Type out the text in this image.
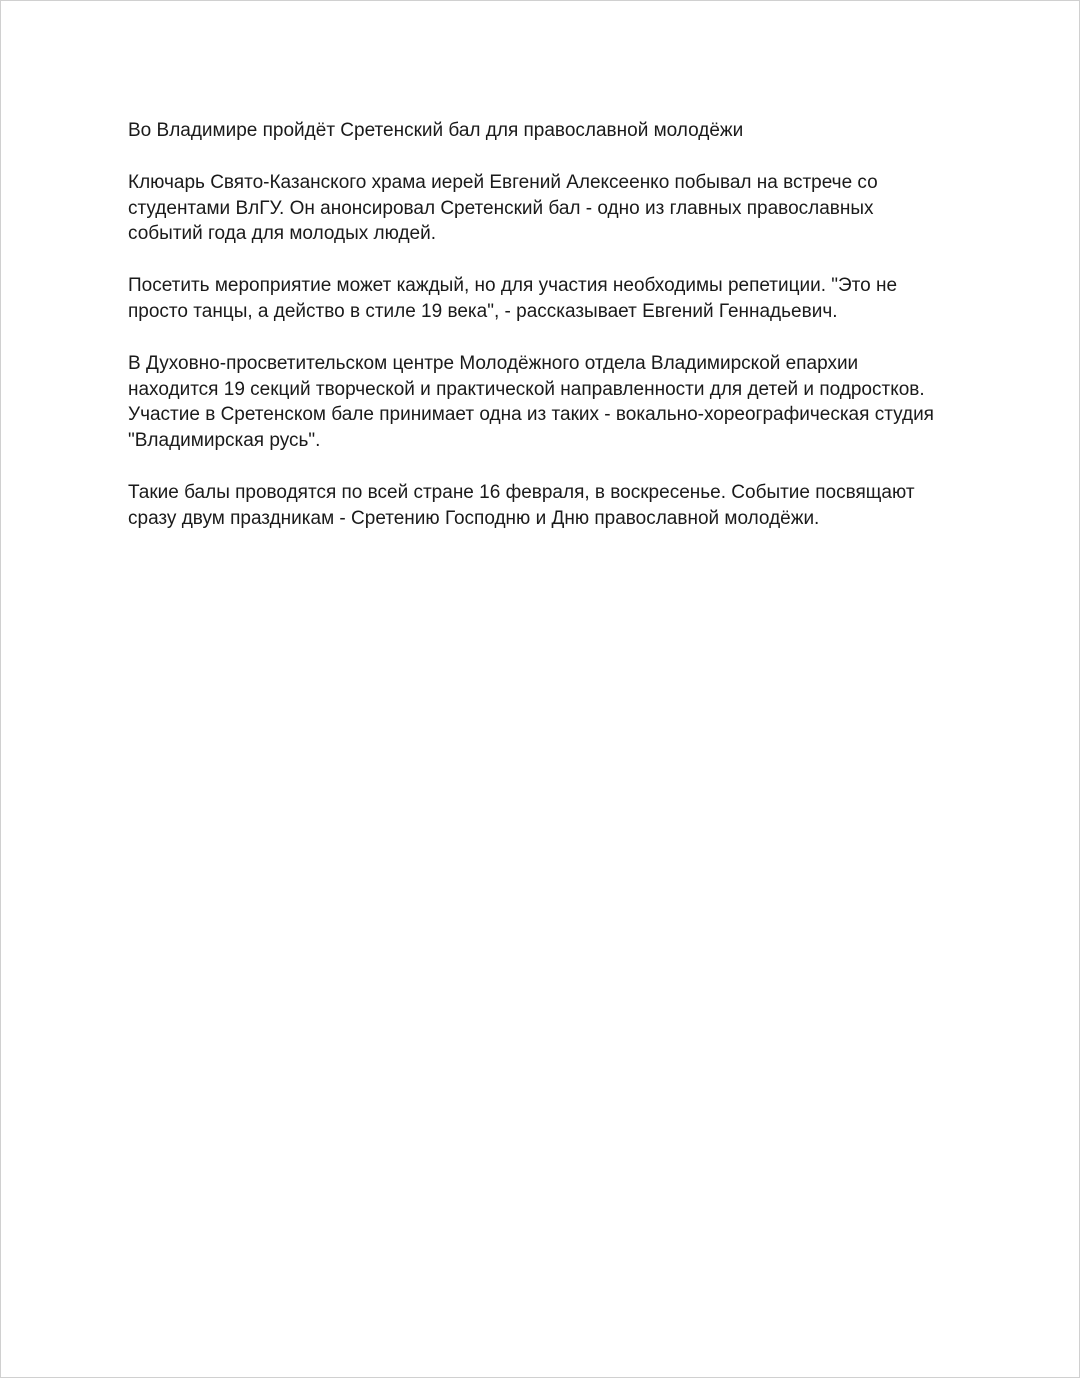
Во Владимире пройдёт Сретенский бал для православной молодёжи

Ключарь Свято-Казанского храма иерей Евгений Алексеенко побывал на встрече со
студентами ВлГУ. Он анонсировал Сретенский бал - одно из главных православных
событий года для молодых людей.

Посетить мероприятие может каждый, но для участия необходимы репетиции. "Это не
просто танцы, а действо в стиле 19 века", - рассказывает Евгений Геннадьевич.

В Духовно-просветительском центре Молодёжного отдела Владимирской епархии
находится 19 секций творческой и практической направленности для детей и подростков.
Участие в Сретенском бале принимает одна из таких - вокально-хореографическая студия
"Владимирская русь".

Такие балы проводятся по всей стране 16 февраля, в воскресенье. Событие посвящают
сразу двум праздникам - Сретению Господню и Дню православной молодёжи.
